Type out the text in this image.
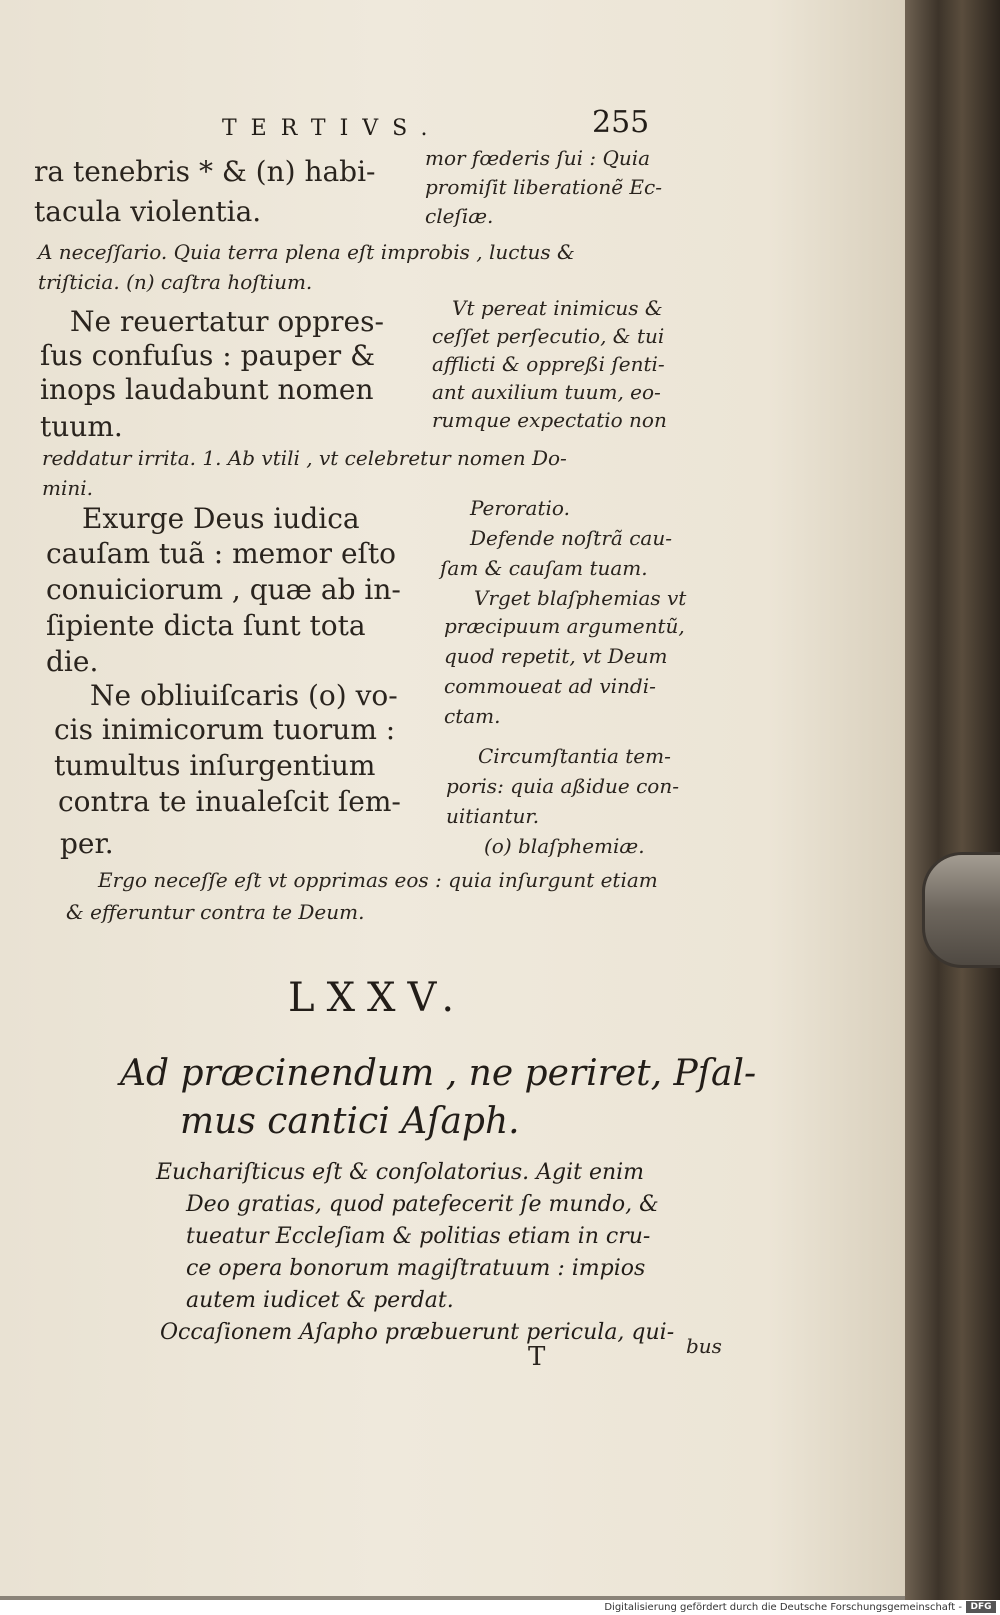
TERTIVS.	255
ra tenebris * & (n) habi-
tacula violentia.
Ne reuertatur oppres-
ſus confuſus : pauper &
inops laudabunt nomen
tuum.
Exurge Deus iudica
cauſam tuã : memor eſto
conuiciorum , quæ ab in-
ſipiente dicta ſunt tota
die.
Ne obliuiſcaris (o) vo-
cis inimicorum tuorum :
tumultus inſurgentium
contra te inualeſcit ſem-
per.
mor fœderis ſui : Quia
promiſit liberationẽ Ec-
cleſiæ.
A neceſſario. Quia terra plena eſt improbis , luctus &
triſticia. (n) caſtra hoſtium.
Vt pereat inimicus &
ceſſet perſecutio, & tui
afflicti & oppreßi ſenti-
ant auxilium tuum, eo-
rumque expectatio non
reddatur irrita. 1. Ab vtili , vt celebretur nomen Do-
mini.
Peroratio.
Defende noſtrã cau-
ſam & cauſam tuam.
Vrget blaſphemias vt
præcipuum argumentũ,
quod repetit, vt Deum
commoueat ad vindi-
ctam.
Circumſtantia tem-
poris: quia aßidue con-
uitiantur.
(o) blaſphemiæ.
Ergo neceſſe eſt vt opprimas eos : quia inſurgunt etiam
& efferuntur contra te Deum.
LXXV.
Ad præcinendum , ne periret, Pſal-
mus cantici Aſaph.
Euchariſticus eſt & conſolatorius. Agit enim
Deo gratias, quod patefecerit ſe mundo, &
tueatur Eccleſiam & politias etiam in cru-
ce opera bonorum magiſtratuum : impios
autem iudicet & perdat.
Occaſionem Aſapho præbuerunt pericula, qui-
T	bus
Digitalisierung gefördert durch die Deutsche Forschungsgemeinschaft - DFG
